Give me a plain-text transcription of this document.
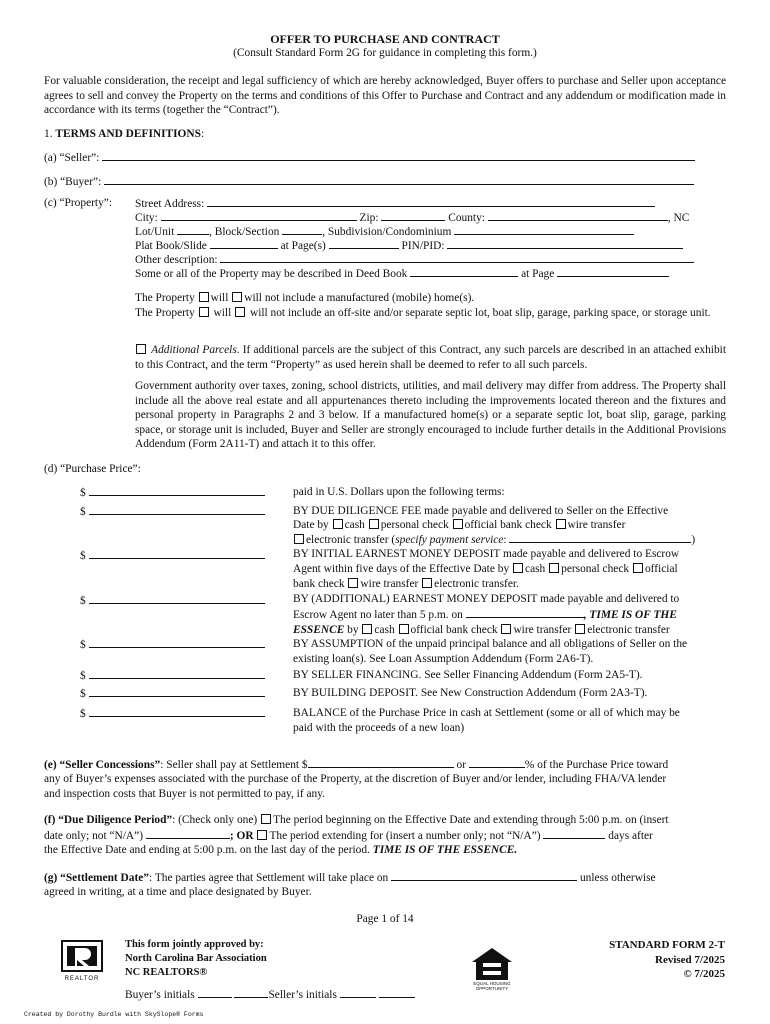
OFFER TO PURCHASE AND CONTRACT
(Consult Standard Form 2G for guidance in completing this form.)
For valuable consideration, the receipt and legal sufficiency of which are hereby acknowledged, Buyer offers to purchase and Seller upon acceptance agrees to sell and convey the Property on the terms and conditions of this Offer to Purchase and Contract and any addendum or modification made in accordance with its terms (together the “Contract”).
1. TERMS AND DEFINITIONS:
(a) “Seller”:
(b) “Buyer”:
(c) “Property”: Street Address:
City:	Zip:	County:	, NC
Lot/Unit	, Block/Section	, Subdivision/Condominium
Plat Book/Slide	at Page(s)	PIN/PID:
Other description:
Some or all of the Property may be described in Deed Book	at Page
The Property will will not include a manufactured (mobile) home(s).
The Property will will not include an off-site and/or separate septic lot, boat slip, garage, parking space, or storage unit.
Additional Parcels. If additional parcels are the subject of this Contract, any such parcels are described in an attached exhibit to this Contract, and the term “Property” as used herein shall be deemed to refer to all such parcels.
Government authority over taxes, zoning, school districts, utilities, and mail delivery may differ from address. The Property shall include all the above real estate and all appurtenances thereto including the improvements located thereon and the fixtures and personal property in Paragraphs 2 and 3 below. If a manufactured home(s) or a separate septic lot, boat slip, garage, parking space, or storage unit is included, Buyer and Seller are strongly encouraged to include further details in the Additional Provisions Addendum (Form 2A11-T) and attach it to this offer.
(d) “Purchase Price”:
$	paid in U.S. Dollars upon the following terms:
$	BY DUE DILIGENCE FEE made payable and delivered to Seller on the Effective
Date by cash personal check official bank check wire transfer
electronic transfer (specify payment service:	)
$	BY INITIAL EARNEST MONEY DEPOSIT made payable and delivered to Escrow
Agent within five days of the Effective Date by cash personal check official
bank check wire transfer electronic transfer.
$	BY (ADDITIONAL) EARNEST MONEY DEPOSIT made payable and delivered to
Escrow Agent no later than 5 p.m. on	, TIME IS OF THE
ESSENCE by cash official bank check wire transfer electronic transfer
$	BY ASSUMPTION of the unpaid principal balance and all obligations of Seller on the
existing loan(s). See Loan Assumption Addendum (Form 2A6-T).
$	BY SELLER FINANCING. See Seller Financing Addendum (Form 2A5-T).
$	BY BUILDING DEPOSIT. See New Construction Addendum (Form 2A3-T).
$	BALANCE of the Purchase Price in cash at Settlement (some or all of which may be
paid with the proceeds of a new loan)
(e) “Seller Concessions”: Seller shall pay at Settlement $	or	% of the Purchase Price toward
any of Buyer’s expenses associated with the purchase of the Property, at the discretion of Buyer and/or lender, including FHA/VA lender
and inspection costs that Buyer is not permitted to pay, if any.
(f) “Due Diligence Period”: (Check only one) The period beginning on the Effective Date and extending through 5:00 p.m. on (insert
date only; not “N/A”)	; OR The period extending for (insert a number only; not “N/A”)	days after
the Effective Date and ending at 5:00 p.m. on the last day of the period. TIME IS OF THE ESSENCE.
(g) “Settlement Date”: The parties agree that Settlement will take place on	unless otherwise
agreed in writing, at a time and place designated by Buyer.
Page 1 of 14
REALTOR
This form jointly approved by:
North Carolina Bar Association
NC REALTORS®
EQUAL HOUSING
OPPORTUNITY
STANDARD FORM 2-T
Revised 7/2025
© 7/2025
Buyer’s initials	Seller’s initials
Created by Dorothy Burdle with SkySlope® Forms
